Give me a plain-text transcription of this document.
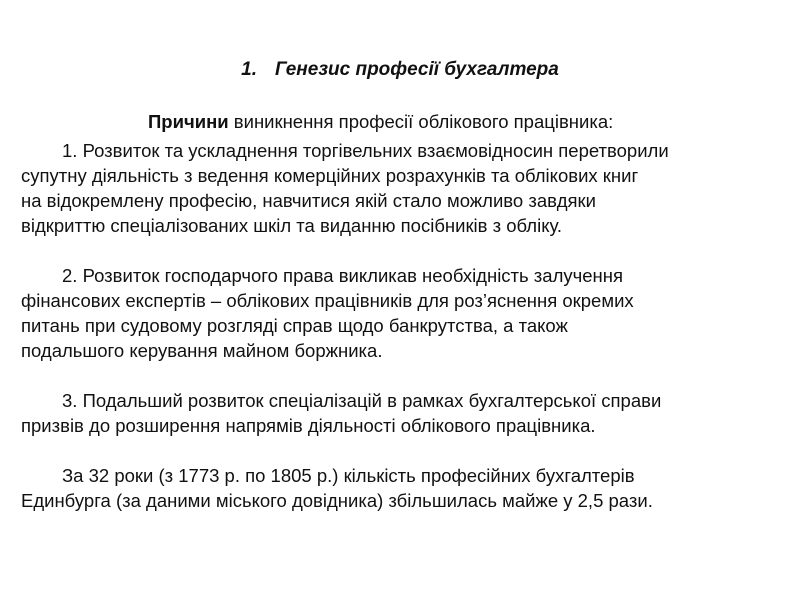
1. Генезис професії бухгалтера
Причини виникнення професії облікового працівника:
1. Розвиток та ускладнення торгівельних взаємовідносин перетворили
супутну діяльність з ведення комерційних розрахунків та облікових книг
на відокремлену професію, навчитися якій стало можливо завдяки
відкриттю спеціалізованих шкіл та виданню посібників з обліку.
2. Розвиток господарчого права викликав необхідність залучення
фінансових експертів – облікових працівників для роз’яснення окремих
питань при судовому розгляді справ щодо банкрутства, а також
подальшого керування майном боржника.
3. Подальший розвиток спеціалізацій в рамках бухгалтерської справи
призвів до розширення напрямів діяльності облікового працівника.
За 32 роки (з 1773 р. по 1805 р.) кількість професійних бухгалтерів
Единбурга (за даними міського довідника) збільшилась майже у 2,5 рази.
